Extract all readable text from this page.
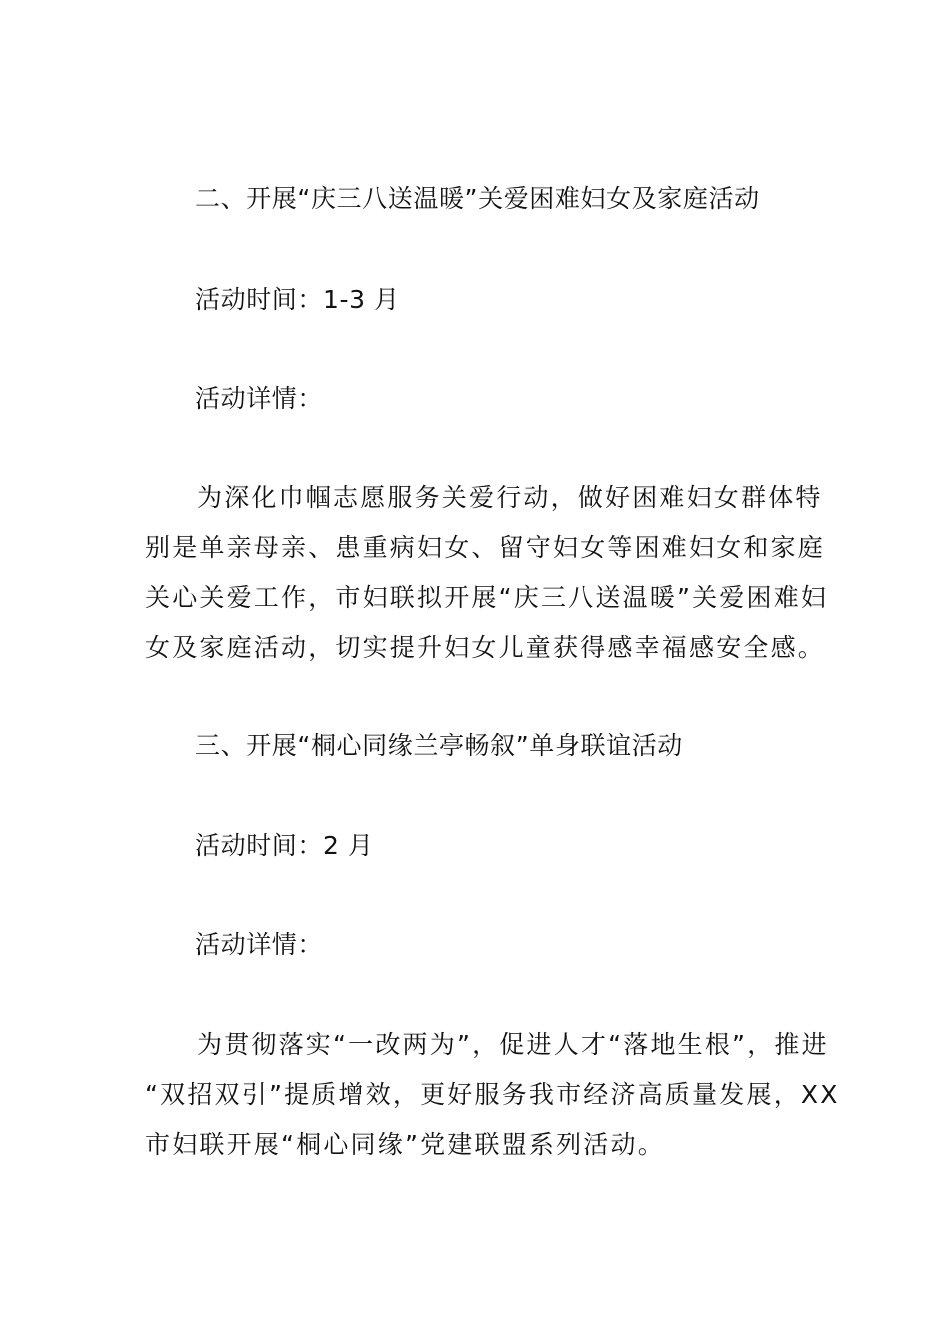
二、开展“庆三八送温暖”关爱困难妇女及家庭活动
活动时间：1-3 月
活动详情：
为深化巾帼志愿服务关爱行动，做好困难妇女群体特
别是单亲母亲、患重病妇女、留守妇女等困难妇女和家庭
关心关爱工作，市妇联拟开展“庆三八送温暖”关爱困难妇
女及家庭活动，切实提升妇女儿童获得感幸福感安全感。
三、开展“桐心同缘兰亭畅叙”单身联谊活动
活动时间：2 月
活动详情：
为贯彻落实“一改两为”，促进人才“落地生根”，推进
“双招双引”提质增效，更好服务我市经济高质量发展，XX
市妇联开展“桐心同缘”党建联盟系列活动。
